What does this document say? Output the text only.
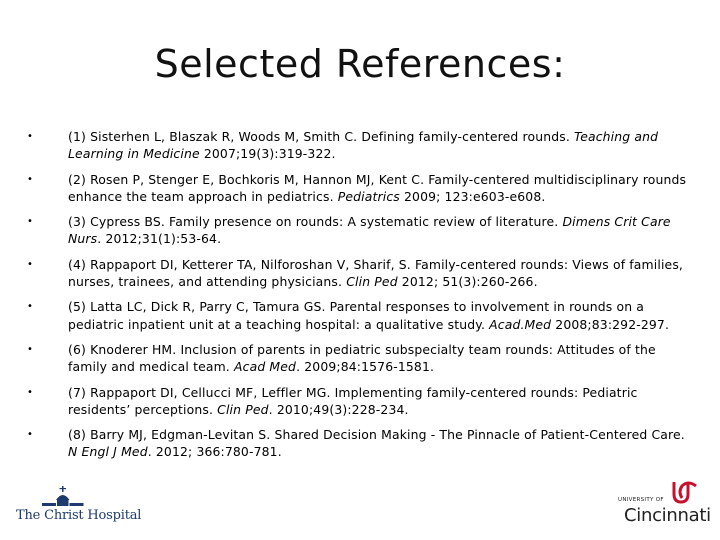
Selected References:
•	(1) Sisterhen L, Blaszak R, Woods M, Smith C. Defining family-centered rounds. Teaching and Learning in Medicine 2007;19(3):319-322.
•	(2) Rosen P, Stenger E, Bochkoris M, Hannon MJ, Kent C. Family-centered multidisciplinary rounds enhance the team approach in pediatrics. Pediatrics 2009; 123:e603-e608.
•	(3) Cypress BS. Family presence on rounds: A systematic review of literature. Dimens Crit Care Nurs. 2012;31(1):53-64.
•	(4) Rappaport DI, Ketterer TA, Nilforoshan V, Sharif, S. Family-centered rounds: Views of families, nurses, trainees, and attending physicians. Clin Ped 2012; 51(3):260-266.
•	(5) Latta LC, Dick R, Parry C, Tamura GS. Parental responses to involvement in rounds on a pediatric inpatient unit at a teaching hospital: a qualitative study. Acad.Med 2008;83:292-297.
•	(6) Knoderer HM. Inclusion of parents in pediatric subspecialty team rounds: Attitudes of the family and medical team. Acad Med. 2009;84:1576-1581.
•	(7) Rappaport DI, Cellucci MF, Leffler MG. Implementing family-centered rounds: Pediatric residents’ perceptions. Clin Ped. 2010;49(3):228-234.
•	(8) Barry MJ, Edgman-Levitan S. Shared Decision Making - The Pinnacle of Patient-Centered Care. N Engl J Med. 2012; 366:780-781.
The Christ Hospital
UNIVERSITY OF
Cincinnati
